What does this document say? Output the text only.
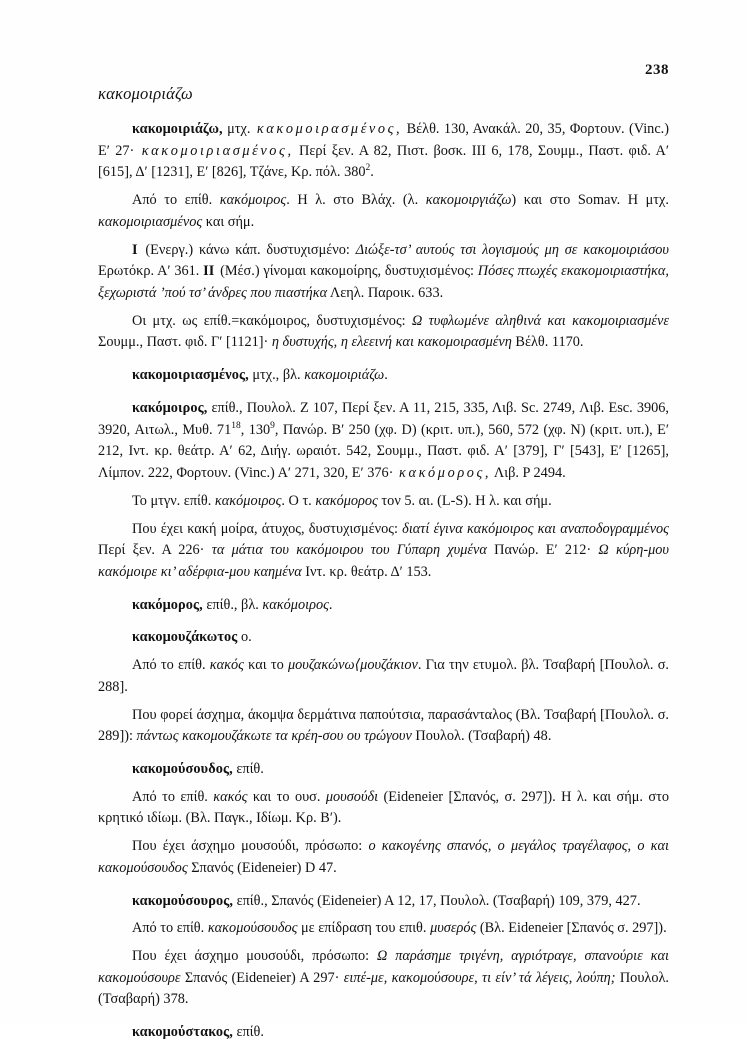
238
κακομοιριάζω

κακομοιριάζω, μτχ. κακομοιρασμένος, Βέλθ. 130, Ανακάλ. 20, 35, Φορτουν. (Vinc.) Ε′ 27· κακομοιριασμένος, Περί ξεν. Α 82, Πιστ. βοσκ. III 6, 178, Σουμμ., Παστ. φιδ. Α′ [615], Δ′ [1231], Ε′ [826], Τζάνε, Κρ. πόλ. $380^2$.

Από το επίθ. κακόμοιρος. Η λ. στο Βλάχ. (λ. κακομοιργιάζω) και στο Somav. Η μτχ. κακομοιριασμένος και σήμ.

I (Ενεργ.) κάνω κάπ. δυστυχισμένο: Διώξε-τσ’ αυτούς τσι λογισμούς μη σε κακομοιριάσου Ερωτόκρ. Α′ 361. II (Μέσ.) γίνομαι κακομοίρης, δυστυχισμένος: Πόσες πτωχές εκακομοιριαστήκα, ξεχωριστά ’πού τσ’ άνδρες που πιαστήκα Λεηλ. Παροικ. 633.

Οι μτχ. ως επίθ.=κακόμοιρος, δυστυχισμένος: Ω τυφλωμένε αληθινά και κακομοιριασμένε Σουμμ., Παστ. φιδ. Γ′ [1121]· η δυστυχής, η ελεεινή και κακομοιρασμένη Βέλθ. 1170.

κακομοιριασμένος, μτχ., βλ. κακομοιριάζω.

κακόμοιρος, επίθ., Πουλολ. Ζ 107, Περί ξεν. Α 11, 215, 335, Λιβ. Sc. 2749, Λιβ. Esc. 3906, 3920, Αιτωλ., Μυθ. $71^{18}$, $130^9$, Πανώρ. Β′ 250 (χφ. D) (κριτ. υπ.), 560, 572 (χφ. N) (κριτ. υπ.), Ε′ 212, Ιντ. κρ. θεάτρ. Α′ 62, Διήγ. ωραιότ. 542, Σουμμ., Παστ. φιδ. Α′ [379], Γ′ [543], Ε′ [1265], Λίμπον. 222, Φορτουν. (Vinc.) Α′ 271, 320, Ε′ 376· κακόμορος, Λιβ. P 2494.

Το μτγν. επίθ. κακόμοιρος. Ο τ. κακόμορος τον 5. αι. (L-S). Η λ. και σήμ.

Που έχει κακή μοίρα, άτυχος, δυστυχισμένος: διατί έγινα κακόμοιρος και αναποδογραμμένος Περί ξεν. Α 226· τα μάτια του κακόμοιρου του Γύπαρη χυμένα Πανώρ. Ε′ 212· Ω κύρη-μου κακόμοιρε κι’ αδέρφια-μου καημένα Ιντ. κρ. θεάτρ. Δ′ 153.

κακόμορος, επίθ., βλ. κακόμοιρος.

κακομουζάκωτος ο.

Από το επίθ. κακός και το μουζακώνω⟨μουζάκιον. Για την ετυμολ. βλ. Τσαβαρή [Πουλολ. σ. 288].

Που φορεί άσχημα, άκομψα δερμάτινα παπούτσια, παρασάνταλος (Βλ. Τσαβαρή [Πουλολ. σ. 289]): πάντως κακομουζάκωτε τα κρέη-σου ου τρώγουν Πουλολ. (Τσαβαρή) 48.

κακομούσουδος, επίθ.

Από το επίθ. κακός και το ουσ. μουσούδι (Eideneier [Σπανός, σ. 297]). Η λ. και σήμ. στο κρητικό ιδίωμ. (Βλ. Παγκ., Ιδίωμ. Κρ. Β′).

Που έχει άσχημο μουσούδι, πρόσωπο: ο κακογένης σπανός, ο μεγάλος τραγέλαφος, ο και κακομούσουδος Σπανός (Eideneier) D 47.

κακομούσουρος, επίθ., Σπανός (Eideneier) Α 12, 17, Πουλολ. (Τσαβαρή) 109, 379, 427.

Από το επίθ. κακομούσουδος με επίδραση του επιθ. μυσερός (Βλ. Eideneier [Σπανός σ. 297]).

Που έχει άσχημο μουσούδι, πρόσωπο: Ω παράσημε τριγένη, αγριότραγε, σπανούριε και κακομούσουρε Σπανός (Eideneier) Α 297· ειπέ-με, κακομούσουρε, τι είν’ τά λέγεις, λούπη; Πουλολ. (Τσαβαρή) 378.

κακομούστακος, επίθ.
